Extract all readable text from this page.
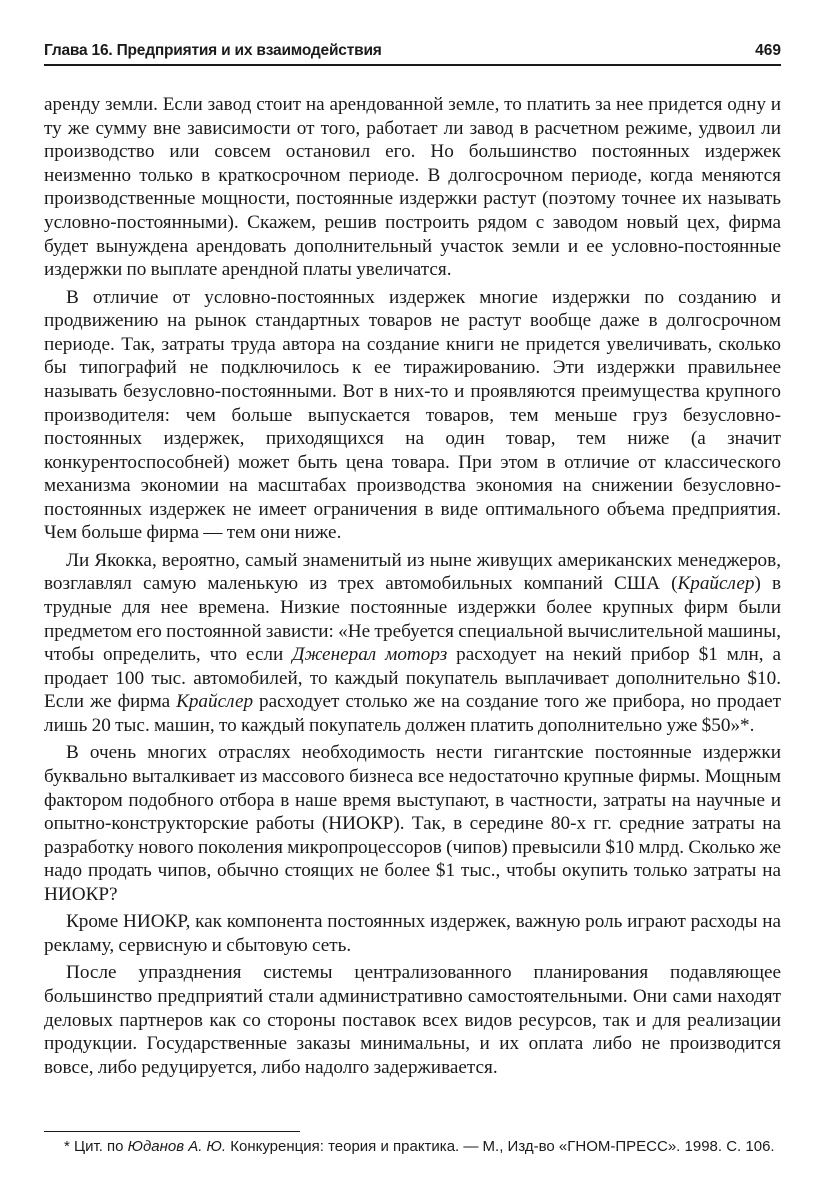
Глава 16. Предприятия и их взаимодействия	469

аренду земли. Если завод стоит на арендованной земле, то платить за нее придется одну и ту же сумму вне зависимости от того, работает ли завод в расчетном режиме, удвоил ли производство или совсем остановил его. Но большинство постоянных издержек неизменно только в краткосрочном периоде. В долгосрочном периоде, когда меняются производственные мощности, постоянные издержки растут (поэтому точнее их называть условно-постоянными). Скажем, решив построить рядом с заводом новый цех, фирма будет вынуждена арендовать дополнительный участок земли и ее условно-постоянные издержки по выплате арендной платы увеличатся.

В отличие от условно-постоянных издержек многие издержки по созданию и продвижению на рынок стандартных товаров не растут вообще даже в долгосрочном периоде. Так, затраты труда автора на создание книги не придется увеличивать, сколько бы типографий не подключилось к ее тиражированию. Эти издержки правильнее называть безусловно-постоянными. Вот в них-то и проявляются преимущества крупного производителя: чем больше выпускается товаров, тем меньше груз безусловно-постоянных издержек, приходящихся на один товар, тем ниже (а значит конкурентоспособней) может быть цена товара. При этом в отличие от классического механизма экономии на масштабах производства экономия на снижении безусловно-постоянных издержек не имеет ограничения в виде оптимального объема предприятия. Чем больше фирма — тем они ниже.

Ли Якокка, вероятно, самый знаменитый из ныне живущих американских менеджеров, возглавлял самую маленькую из трех автомобильных компаний США (Крайслер) в трудные для нее времена. Низкие постоянные издержки более крупных фирм были предметом его постоянной зависти: «Не требуется специальной вычислительной машины, чтобы определить, что если Дженерал моторз расходует на некий прибор $1 млн, а продает 100 тыс. автомобилей, то каждый покупатель выплачивает дополнительно $10. Если же фирма Крайслер расходует столько же на создание того же прибора, но продает лишь 20 тыс. машин, то каждый покупатель должен платить дополнительно уже $50»*.

В очень многих отраслях необходимость нести гигантские постоянные издержки буквально выталкивает из массового бизнеса все недостаточно крупные фирмы. Мощным фактором подобного отбора в наше время выступают, в частности, затраты на научные и опытно-конструкторские работы (НИОКР). Так, в середине 80-х гг. средние затраты на разработку нового поколения микропроцессоров (чипов) превысили $10 млрд. Сколько же надо продать чипов, обычно стоящих не более $1 тыс., чтобы окупить только затраты на НИОКР?

Кроме НИОКР, как компонента постоянных издержек, важную роль играют расходы на рекламу, сервисную и сбытовую сеть.

После упразднения системы централизованного планирования подавляющее большинство предприятий стали административно самостоятельными. Они сами находят деловых партнеров как со стороны поставок всех видов ресурсов, так и для реализации продукции. Государственные заказы минимальны, и их оплата либо не производится вовсе, либо редуцируется, либо надолго задерживается.

* Цит. по Юданов А. Ю. Конкуренция: теория и практика. — М., Изд-во «ГНОМ-ПРЕСС». 1998. С. 106.
